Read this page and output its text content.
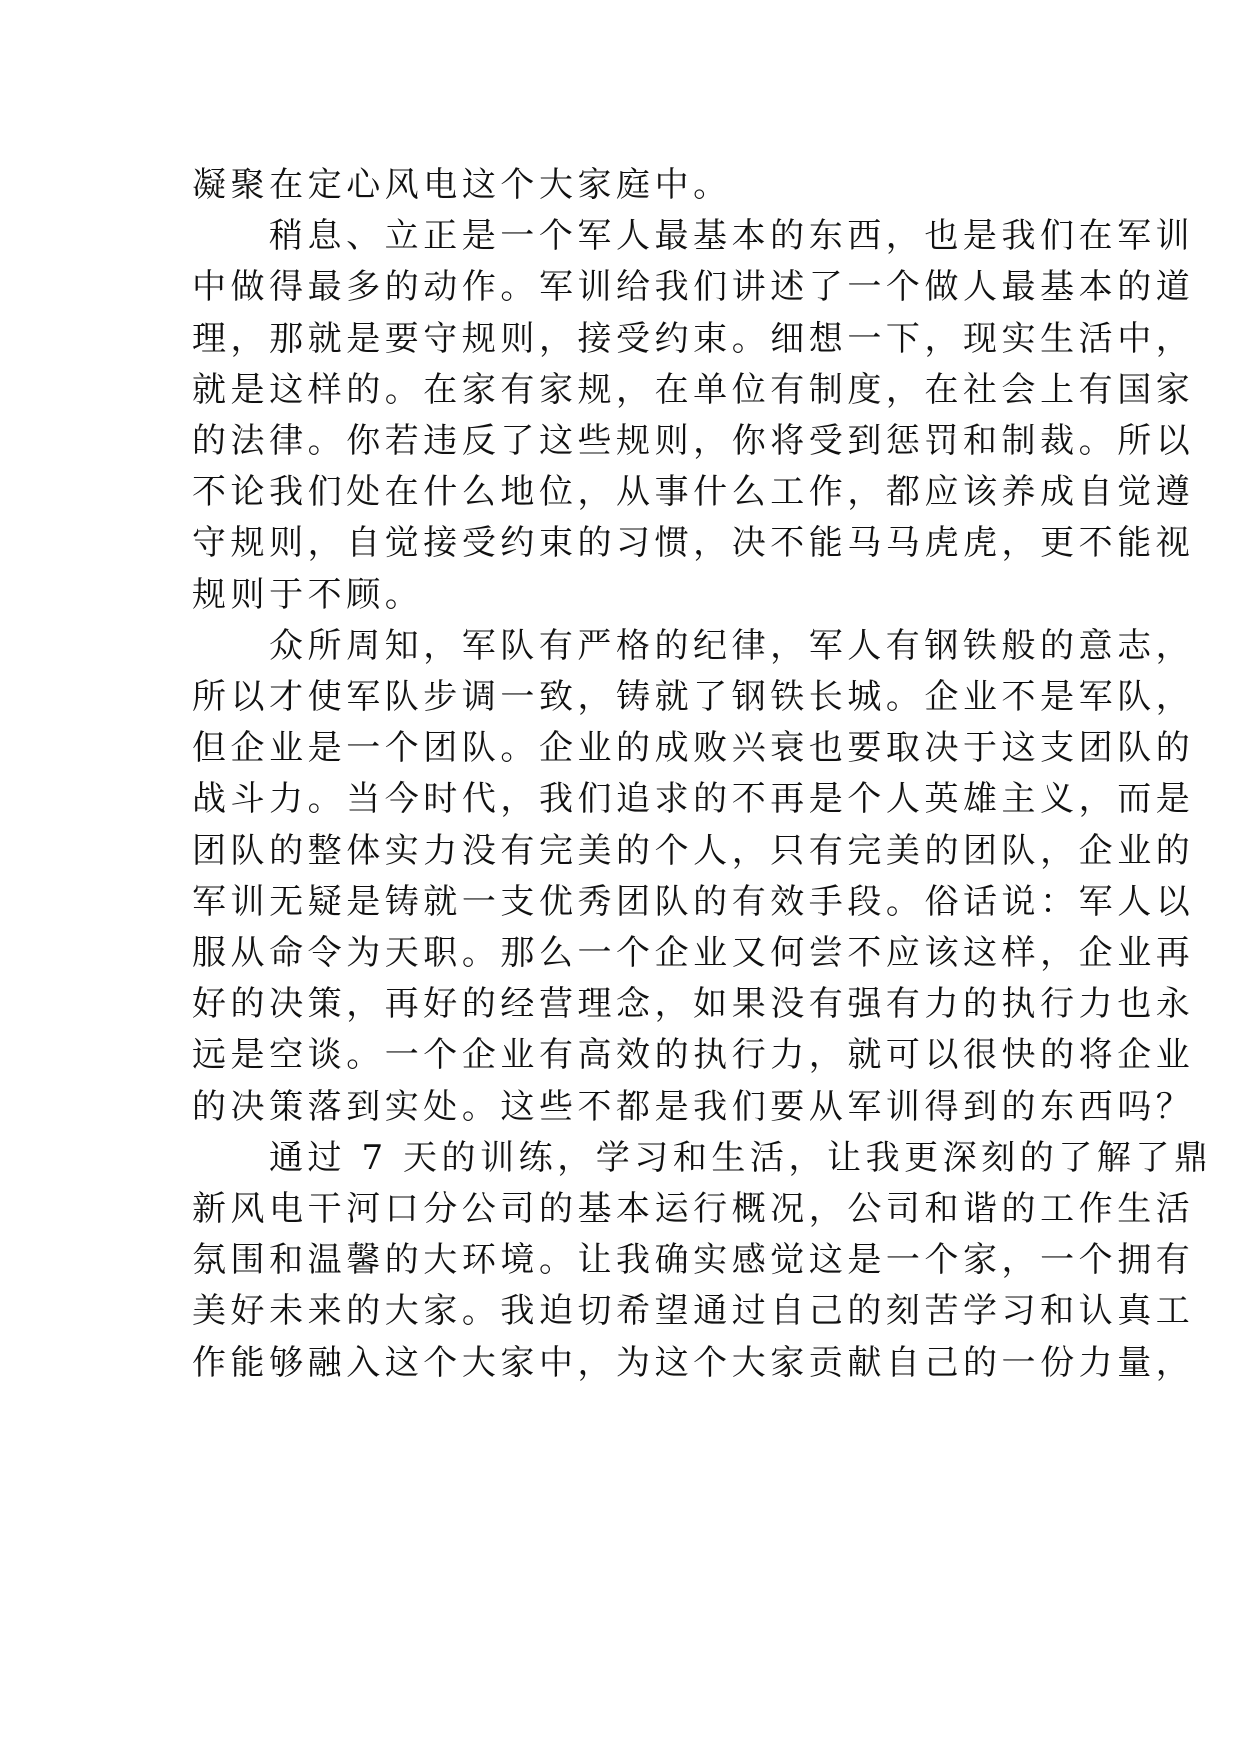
凝聚在定心风电这个大家庭中。
稍息、立正是一个军人最基本的东西，也是我们在军训
中做得最多的动作。军训给我们讲述了一个做人最基本的道
理，那就是要守规则，接受约束。细想一下，现实生活中，
就是这样的。在家有家规，在单位有制度，在社会上有国家
的法律。你若违反了这些规则，你将受到惩罚和制裁。所以
不论我们处在什么地位，从事什么工作，都应该养成自觉遵
守规则，自觉接受约束的习惯，决不能马马虎虎，更不能视
规则于不顾。
众所周知，军队有严格的纪律，军人有钢铁般的意志，
所以才使军队步调一致，铸就了钢铁长城。企业不是军队，
但企业是一个团队。企业的成败兴衰也要取决于这支团队的
战斗力。当今时代，我们追求的不再是个人英雄主义，而是
团队的整体实力没有完美的个人，只有完美的团队，企业的
军训无疑是铸就一支优秀团队的有效手段。俗话说：军人以
服从命令为天职。那么一个企业又何尝不应该这样，企业再
好的决策，再好的经营理念，如果没有强有力的执行力也永
远是空谈。一个企业有高效的执行力，就可以很快的将企业
的决策落到实处。这些不都是我们要从军训得到的东西吗？
通过 7 天的训练，学习和生活，让我更深刻的了解了鼎
新风电干河口分公司的基本运行概况，公司和谐的工作生活
氛围和温馨的大环境。让我确实感觉这是一个家，一个拥有
美好未来的大家。我迫切希望通过自己的刻苦学习和认真工
作能够融入这个大家中，为这个大家贡献自己的一份力量，
